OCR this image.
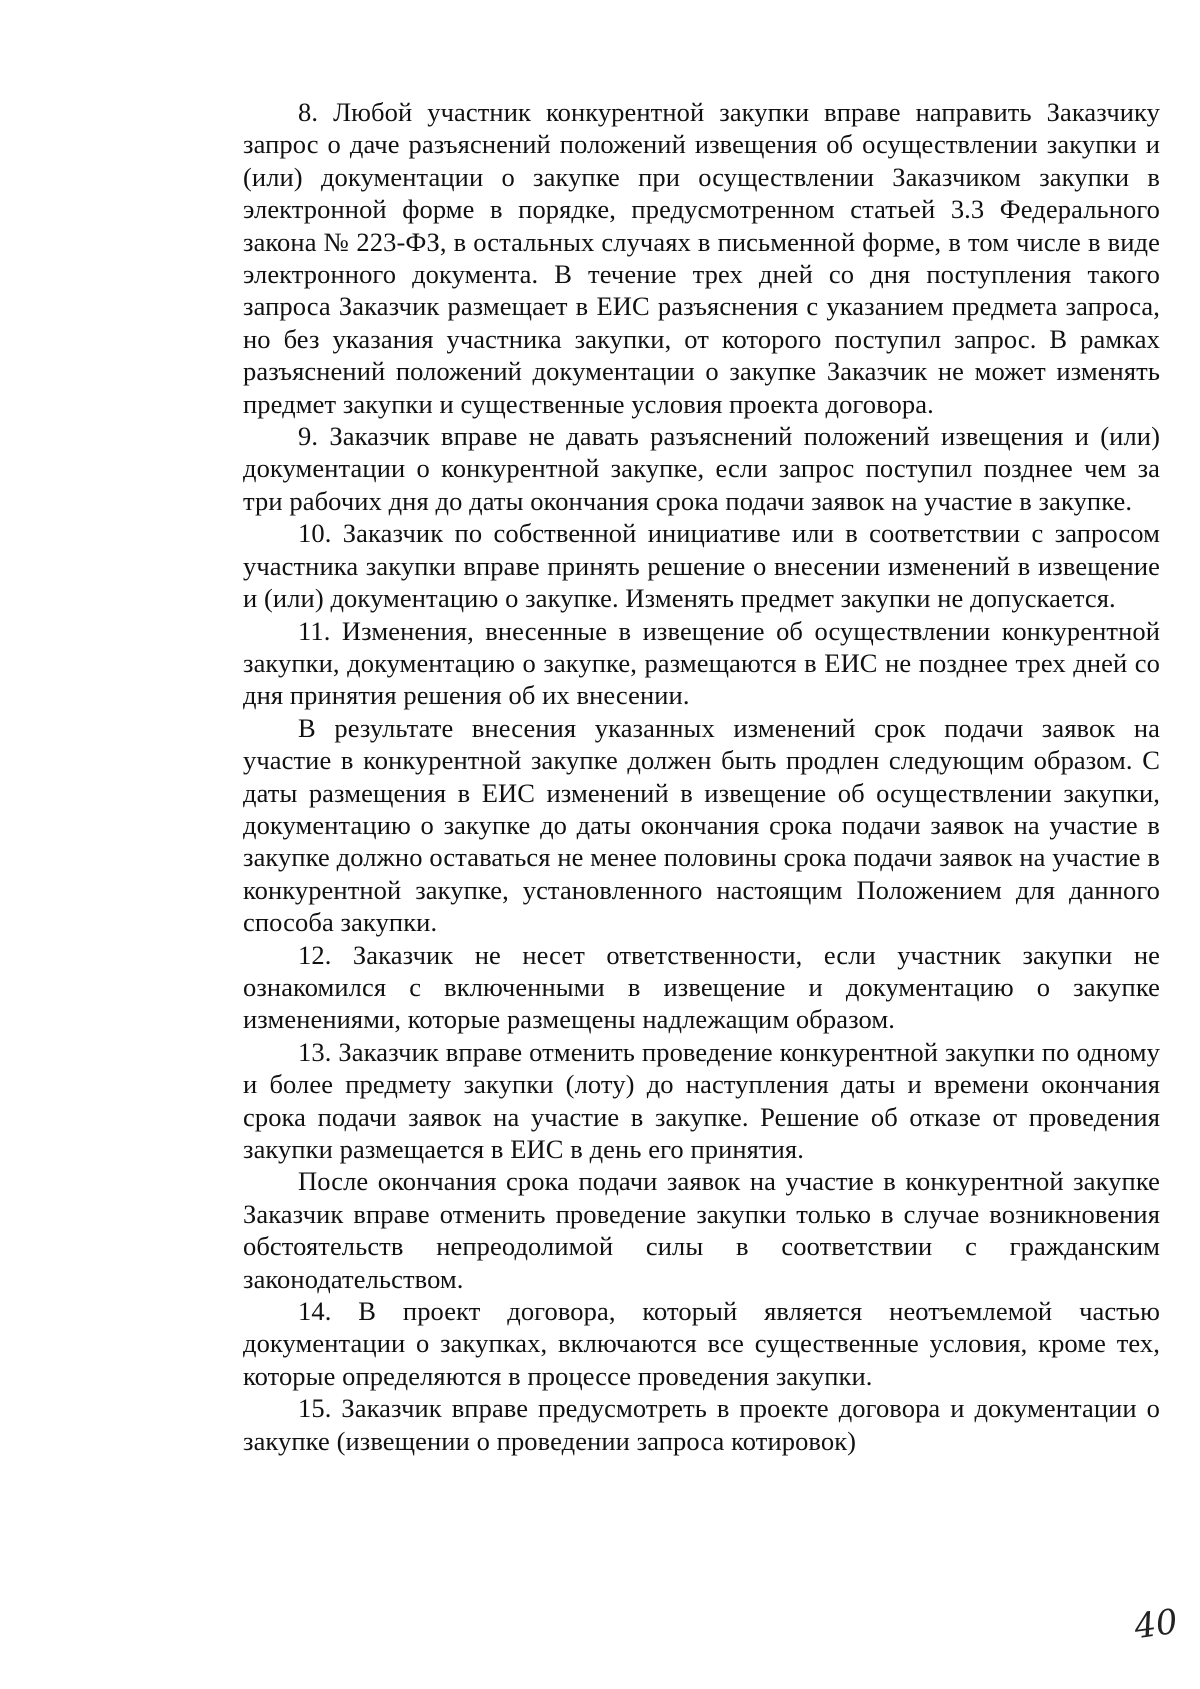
8. Любой участник конкурентной закупки вправе направить Заказчику запрос о даче разъяснений положений извещения об осуществлении закупки и (или) документации о закупке при осуществлении Заказчиком закупки в электронной форме в порядке, предусмотренном статьей 3.3 Федерального закона № 223-ФЗ, в остальных случаях в письменной форме, в том числе в виде электронного документа. В течение трех дней со дня поступления такого запроса Заказчик размещает в ЕИС разъяснения с указанием предмета запроса, но без указания участника закупки, от которого поступил запрос. В рамках разъяснений положений документации о закупке Заказчик не может изменять предмет закупки и существенные условия проекта договора.

9. Заказчик вправе не давать разъяснений положений извещения и (или) документации о конкурентной закупке, если запрос поступил позднее чем за три рабочих дня до даты окончания срока подачи заявок на участие в закупке.

10. Заказчик по собственной инициативе или в соответствии с запросом участника закупки вправе принять решение о внесении изменений в извещение и (или) документацию о закупке. Изменять предмет закупки не допускается.

11. Изменения, внесенные в извещение об осуществлении конкурентной закупки, документацию о закупке, размещаются в ЕИС не позднее трех дней со дня принятия решения об их внесении.

В результате внесения указанных изменений срок подачи заявок на участие в конкурентной закупке должен быть продлен следующим образом. С даты размещения в ЕИС изменений в извещение об осуществлении закупки, документацию о закупке до даты окончания срока подачи заявок на участие в закупке должно оставаться не менее половины срока подачи заявок на участие в конкурентной закупке, установленного настоящим Положением для данного способа закупки.

12. Заказчик не несет ответственности, если участник закупки не ознакомился с включенными в извещение и документацию о закупке изменениями, которые размещены надлежащим образом.

13. Заказчик вправе отменить проведение конкурентной закупки по одному и более предмету закупки (лоту) до наступления даты и времени окончания срока подачи заявок на участие в закупке. Решение об отказе от проведения закупки размещается в ЕИС в день его принятия.

После окончания срока подачи заявок на участие в конкурентной закупке Заказчик вправе отменить проведение закупки только в случае возникновения обстоятельств непреодолимой силы в соответствии с гражданским законодательством.

14. В проект договора, который является неотъемлемой частью документации о закупках, включаются все существенные условия, кроме тех, которые определяются в процессе проведения закупки.

15. Заказчик вправе предусмотреть в проекте договора и документации о закупке (извещении о проведении запроса котировок)

40
